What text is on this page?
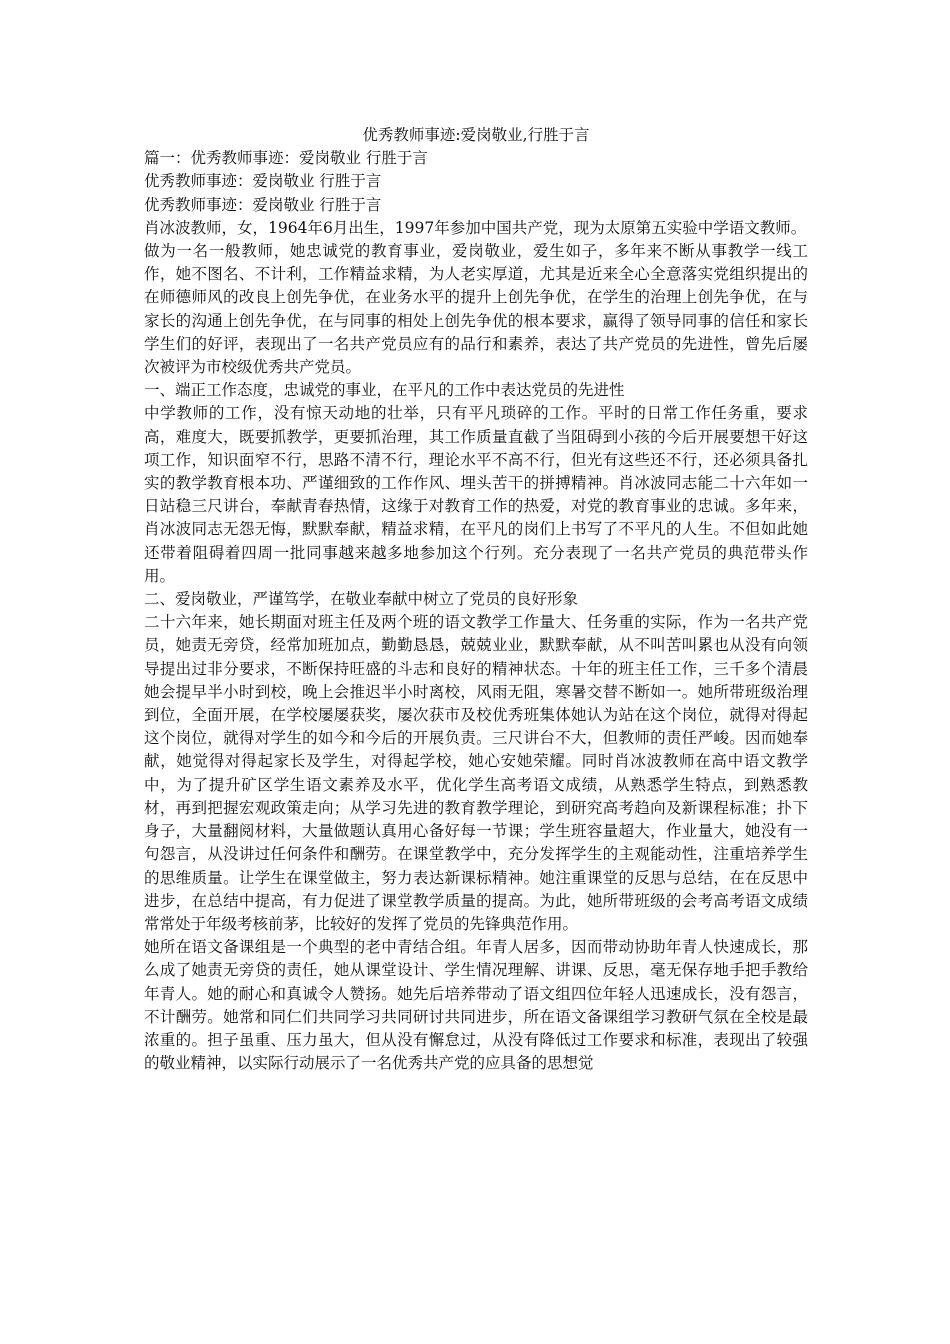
优秀教师事迹:爱岗敬业,行胜于言

篇一：优秀教师事迹：爱岗敬业 行胜于言

优秀教师事迹：爱岗敬业 行胜于言

优秀教师事迹：爱岗敬业 行胜于言

肖冰波教师，女，1964年6月出生，1997年参加中国共产党，现为太原第五实验中学语文教师。

做为一名一般教师，她忠诚党的教育事业，爱岗敬业，爱生如子，多年来不断从事教学一线工作，她不图名、不计利，工作精益求精，为人老实厚道，尤其是近来全心全意落实党组织提出的在师德师风的改良上创先争优，在业务水平的提升上创先争优，在学生的治理上创先争优，在与家长的沟通上创先争优，在与同事的相处上创先争优的根本要求，赢得了领导同事的信任和家长学生们的好评，表现出了一名共产党员应有的品行和素养，表达了共产党员的先进性，曾先后屡次被评为市校级优秀共产党员。

一、端正工作态度，忠诚党的事业，在平凡的工作中表达党员的先进性

中学教师的工作，没有惊天动地的壮举，只有平凡琐碎的工作。平时的日常工作任务重，要求高，难度大，既要抓教学，更要抓治理，其工作质量直截了当阻碍到小孩的今后开展要想干好这项工作，知识面窄不行，思路不清不行，理论水平不高不行，但光有这些还不行，还必须具备扎实的教学教育根本功、严谨细致的工作作风、埋头苦干的拼搏精神。肖冰波同志能二十六年如一日站稳三尺讲台，奉献青春热情，这缘于对教育工作的热爱，对党的教育事业的忠诚。多年来，肖冰波同志无怨无悔，默默奉献，精益求精，在平凡的岗们上书写了不平凡的人生。不但如此她还带着阻碍着四周一批同事越来越多地参加这个行列。充分表现了一名共产党员的典范带头作用。

二、爱岗敬业，严谨笃学，在敬业奉献中树立了党员的良好形象

二十六年来，她长期面对班主任及两个班的语文教学工作量大、任务重的实际，作为一名共产党员，她责无旁贷，经常加班加点，勤勤恳恳，兢兢业业，默默奉献，从不叫苦叫累也从没有向领导提出过非分要求，不断保持旺盛的斗志和良好的精神状态。十年的班主任工作，三千多个清晨她会提早半小时到校，晚上会推迟半小时离校，风雨无阻，寒暑交替不断如一。她所带班级治理到位，全面开展，在学校屡屡获奖，屡次获市及校优秀班集体她认为站在这个岗位，就得对得起这个岗位，就得对学生的如今和今后的开展负责。三尺讲台不大，但教师的责任严峻。因而她奉献，她觉得对得起家长及学生，对得起学校，她心安她荣耀。同时肖冰波教师在高中语文教学中，为了提升矿区学生语文素养及水平，优化学生高考语文成绩，从熟悉学生特点，到熟悉教材，再到把握宏观政策走向；从学习先进的教育教学理论，到研究高考趋向及新课程标准；扑下身子，大量翻阅材料，大量做题认真用心备好每一节课；学生班容量超大，作业量大，她没有一句怨言，从没讲过任何条件和酬劳。在课堂教学中，充分发挥学生的主观能动性，注重培养学生的思维质量。让学生在课堂做主，努力表达新课标精神。她注重课堂的反思与总结，在在反思中进步，在总结中提高，有力促进了课堂教学质量的提高。为此，她所带班级的会考高考语文成绩常常处于年级考核前茅，比较好的发挥了党员的先锋典范作用。

她所在语文备课组是一个典型的老中青结合组。年青人居多，因而带动协助年青人快速成长，那么成了她责无旁贷的责任，她从课堂设计、学生情况理解、讲课、反思，毫无保存地手把手教给年青人。她的耐心和真诚令人赞扬。她先后培养带动了语文组四位年轻人迅速成长，没有怨言，不计酬劳。她常和同仁们共同学习共同研讨共同进步，所在语文备课组学习教研气氛在全校是最浓重的。担子虽重、压力虽大，但从没有懈怠过，从没有降低过工作要求和标准，表现出了较强的敬业精神，以实际行动展示了一名优秀共产党的应具备的思想觉
